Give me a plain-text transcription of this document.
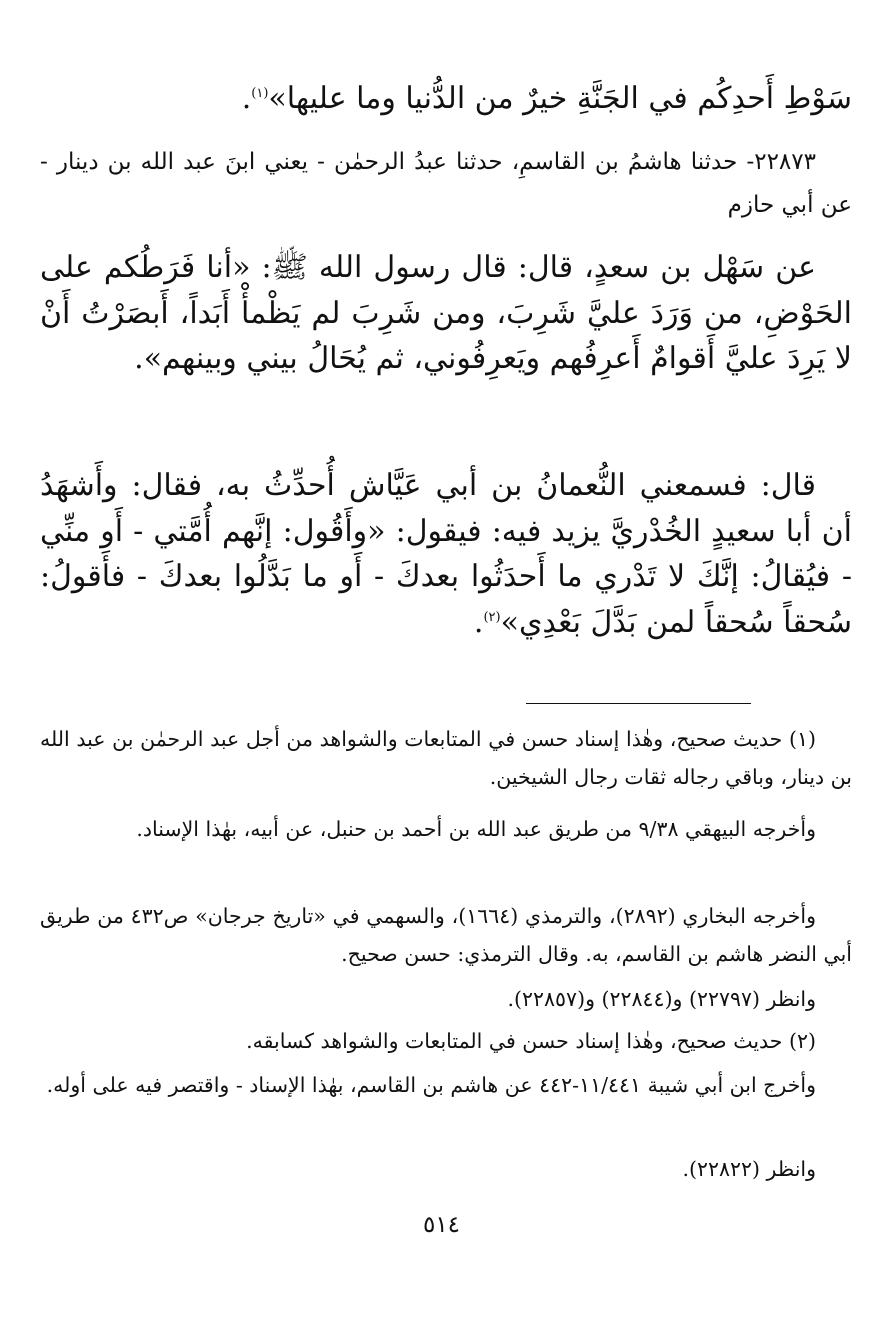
سَوْطِ أَحدِكُم في الجَنَّةِ خيرٌ من الدُّنيا وما عليها»$^{(١)}$.

٢٢٨٧٣- حدثنا هاشمُ بن القاسمِ، حدثنا عبدُ الرحمٰن - يعني ابنَ عبد الله بن دينار - عن أبي حازم

عن سَهْل بن سعدٍ، قال: قال رسول الله ﷺ: «أنا فَرَطُكم على الحَوْضِ، من وَرَدَ عليَّ شَرِبَ، ومن شَرِبَ لم يَظْمأْ أَبَداً، أَبصَرْتُ أَنْ لا يَرِدَ عليَّ أَقوامٌ أَعرِفُهم ويَعرِفُوني، ثم يُحَالُ بيني وبينهم».

قال: فسمعني النُّعمانُ بن أبي عَيَّاش أُحدِّثُ به، فقال: وأَشهَدُ أن أبا سعيدٍ الخُدْريَّ يزيد فيه: فيقول: «وأَقُول: إنَّهم أُمَّتي - أَو منِّي - فيُقالُ: إنَّكَ لا تَدْري ما أَحدَثُوا بعدكَ - أَو ما بَدَّلُوا بعدكَ - فأَقولُ: سُحقاً سُحقاً لمن بَدَّلَ بَعْدِي»$^{(٢)}$.

(١) حديث صحيح، وهٰذا إسناد حسن في المتابعات والشواهد من أجل عبد الرحمٰن بن عبد الله بن دينار، وباقي رجاله ثقات رجال الشيخين.

وأخرجه البيهقي ٩/٣٨ من طريق عبد الله بن أحمد بن حنبل، عن أبيه، بهٰذا الإسناد.

وأخرجه البخاري (٢٨٩٢)، والترمذي (١٦٦٤)، والسهمي في «تاريخ جرجان» ص٤٣٢ من طريق أبي النضر هاشم بن القاسم، به. وقال الترمذي: حسن صحيح.

وانظر (٢٢٧٩٧) و(٢٢٨٤٤) و(٢٢٨٥٧).

(٢) حديث صحيح، وهٰذا إسناد حسن في المتابعات والشواهد كسابقه.

وأخرج ابن أبي شيبة ١١/٤٤١-٤٤٢ عن هاشم بن القاسم، بهٰذا الإسناد - واقتصر فيه على أوله.

وانظر (٢٢٨٢٢).

٥١٤
